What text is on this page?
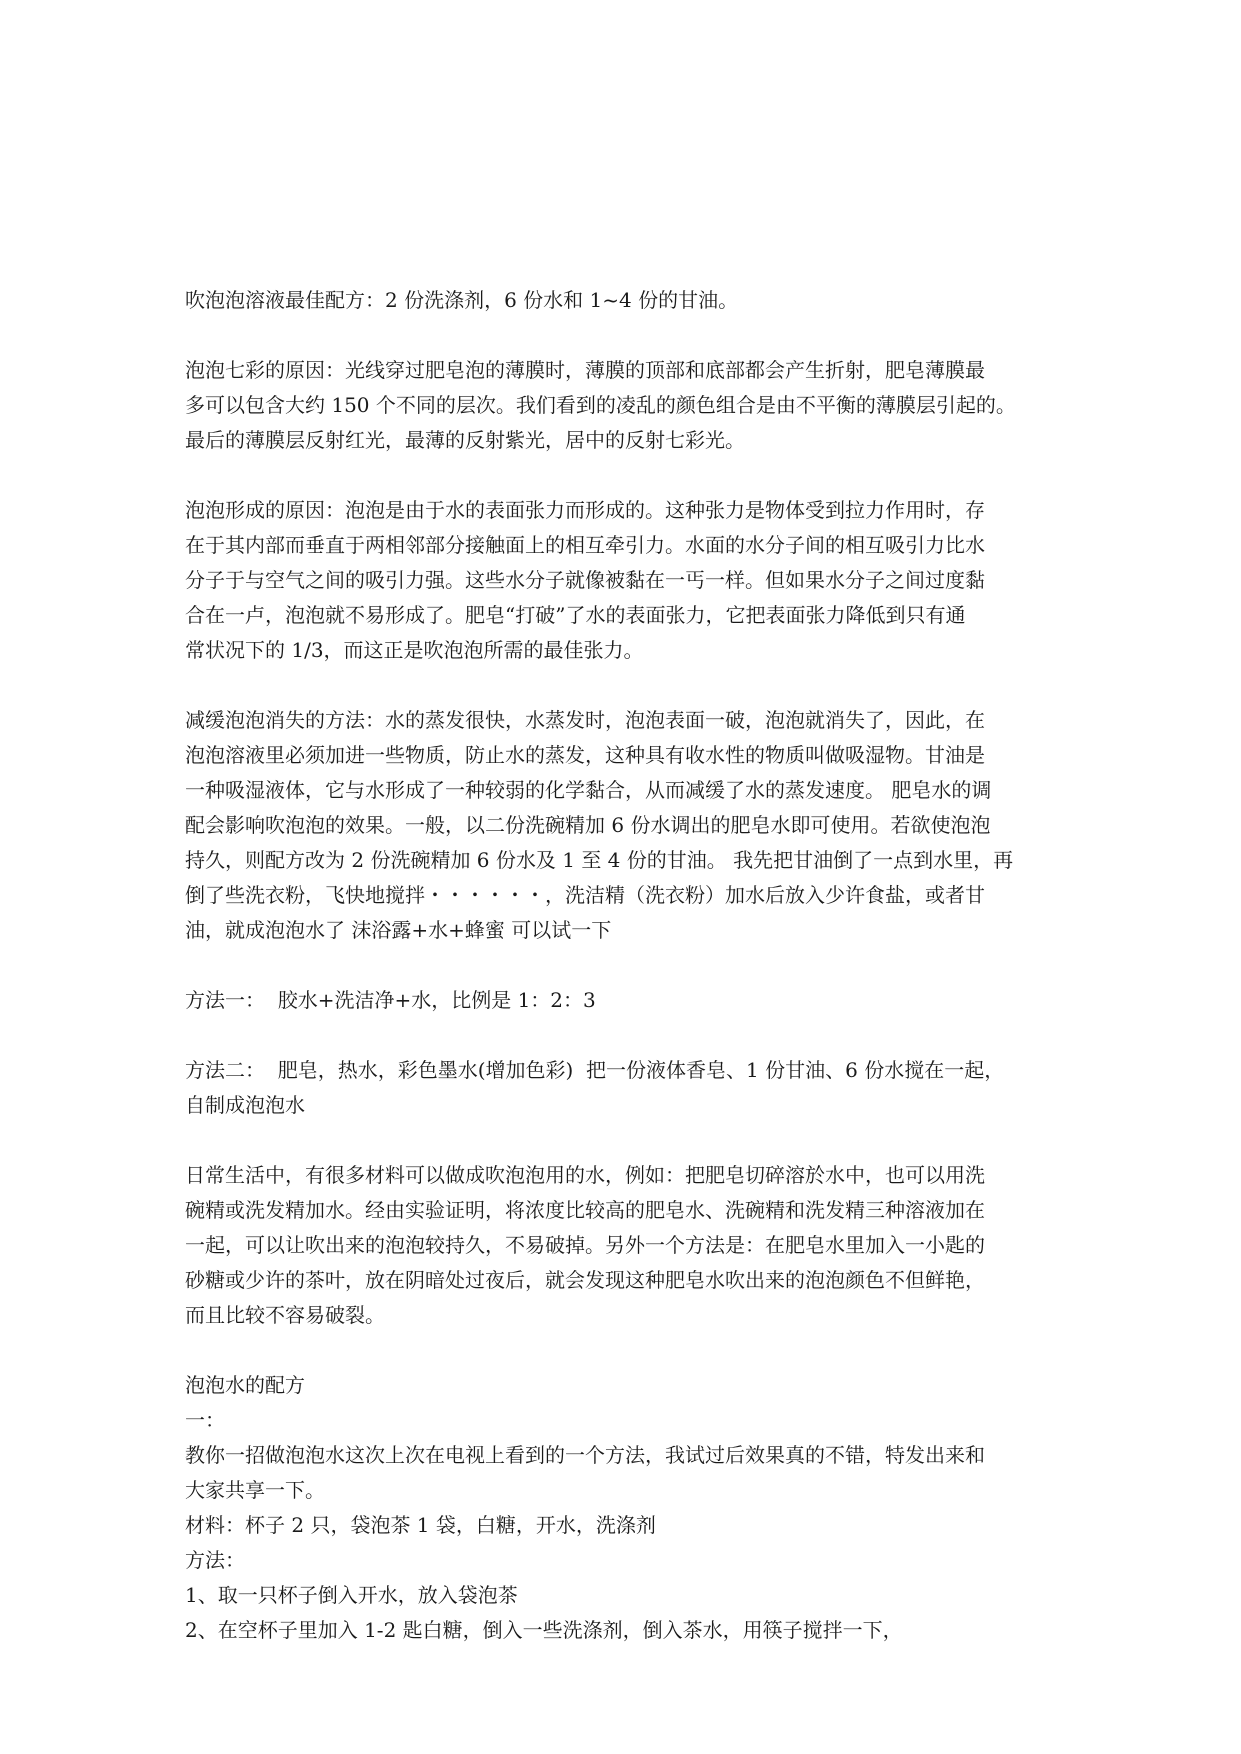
吹泡泡溶液最佳配方：2 份洗涤剂，6 份水和 1~4 份的甘油。
泡泡七彩的原因：光线穿过肥皂泡的薄膜时，薄膜的顶部和底部都会产生折射，肥皂薄膜最
多可以包含大约 150 个不同的层次。我们看到的凌乱的颜色组合是由不平衡的薄膜层引起的。
最后的薄膜层反射红光，最薄的反射紫光，居中的反射七彩光。
泡泡形成的原因：泡泡是由于水的表面张力而形成的。这种张力是物体受到拉力作用时，存
在于其内部而垂直于两相邻部分接触面上的相互牵引力。水面的水分子间的相互吸引力比水
分子于与空气之间的吸引力强。这些水分子就像被黏在一丐一样。但如果水分子之间过度黏
合在一卢，泡泡就不易形成了。肥皂“打破”了水的表面张力，它把表面张力降低到只有通
常状况下的 1/3，而这正是吹泡泡所需的最佳张力。
减缓泡泡消失的方法：水的蒸发很快，水蒸发时，泡泡表面一破，泡泡就消失了，因此，在
泡泡溶液里必须加进一些物质，防止水的蒸发，这种具有收水性的物质叫做吸湿物。甘油是
一种吸湿液体，它与水形成了一种较弱的化学黏合，从而减缓了水的蒸发速度。 肥皂水的调
配会影响吹泡泡的效果。一般，以二份洗碗精加 6 份水调出的肥皂水即可使用。若欲使泡泡
持久，则配方改为 2 份洗碗精加 6 份水及 1 至 4 份的甘油。 我先把甘油倒了一点到水里，再
倒了些洗衣粉，飞快地搅拌・・・・・・，洗洁精（洗衣粉）加水后放入少许食盐，或者甘
油，就成泡泡水了 沫浴露+水+蜂蜜 可以试一下
方法一：  胶水+洗洁净+水，比例是 1：2：3
方法二：  肥皂，热水，彩色墨水(增加色彩)  把一份液体香皂、1 份甘油、6 份水搅在一起，
自制成泡泡水
日常生活中，有很多材料可以做成吹泡泡用的水，例如：把肥皂切碎溶於水中，也可以用洗
碗精或洗发精加水。经由实验证明，将浓度比较高的肥皂水、洗碗精和洗发精三种溶液加在
一起，可以让吹出来的泡泡较持久，不易破掉。另外一个方法是：在肥皂水里加入一小匙的
砂糖或少许的茶叶，放在阴暗处过夜后，就会发现这种肥皂水吹出来的泡泡颜色不但鲜艳，
而且比较不容易破裂。
泡泡水的配方
一：
教你一招做泡泡水这次上次在电视上看到的一个方法，我试过后效果真的不错，特发出来和
大家共享一下。
材料：杯子 2 只，袋泡茶 1 袋，白糖，开水，洗涤剂
方法：
1、取一只杯子倒入开水，放入袋泡茶
2、在空杯子里加入 1-2 匙白糖，倒入一些洗涤剂，倒入茶水，用筷子搅拌一下，
